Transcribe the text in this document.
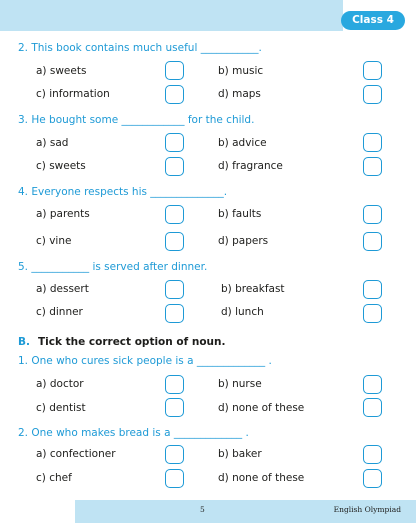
Class 4
2. This book contains much useful ___________.
a) sweets	b) music
c) information	d) maps
3. He bought some ____________ for the child.
a) sad	b) advice
c) sweets	d) fragrance
4. Everyone respects his ______________.
a) parents	b) faults
c) vine	d) papers
5. ___________ is served after dinner.
a) dessert	b) breakfast
c) dinner	d) lunch
B. Tick the correct option of noun.
1. One who cures sick people is a _____________ .
a) doctor	b) nurse
c) dentist	d) none of these
2. One who makes bread is a _____________ .
a) confectioner	b) baker
c) chef	d) none of these
5	English Olympiad
